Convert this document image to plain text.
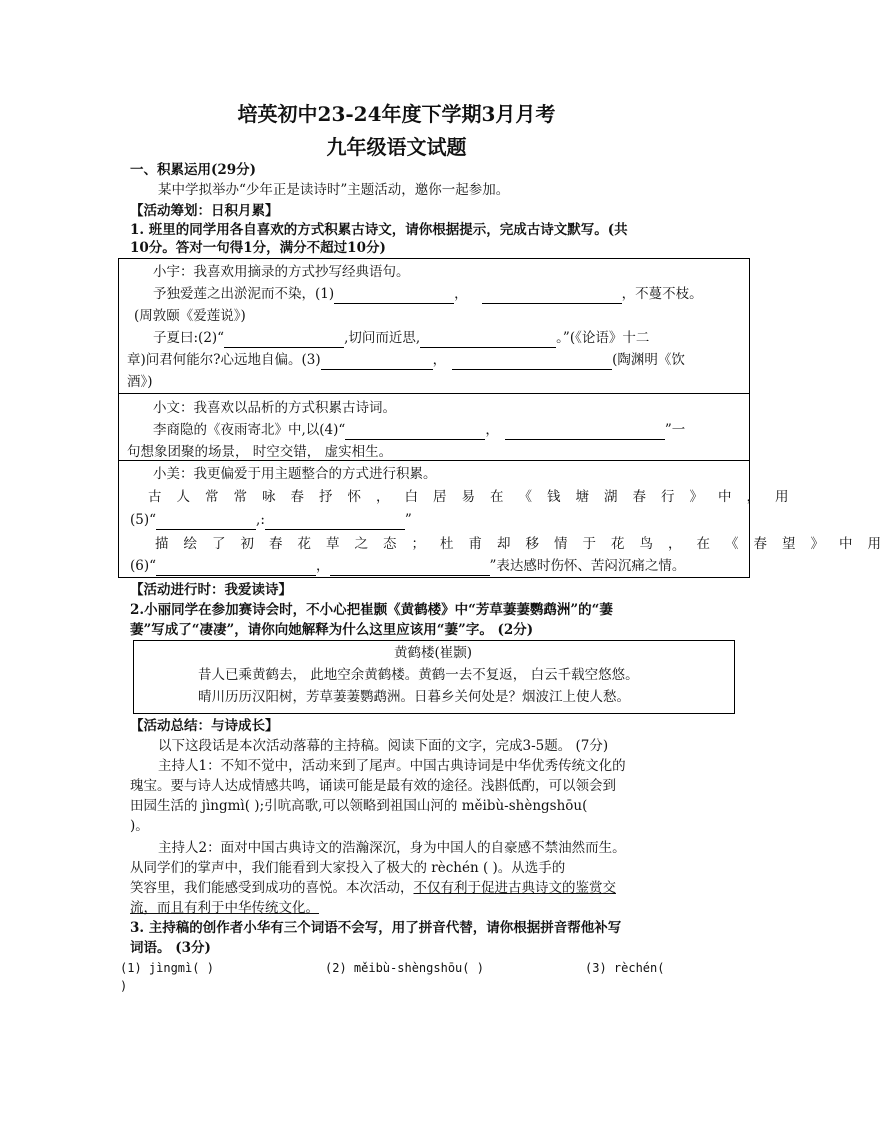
培英初中23-24年度下学期3月月考
九年级语文试题
一、积累运用(29分)
某中学拟举办“少年正是读诗时”主题活动，邀你一起参加。
【活动筹划：日积月累】
1. 班里的同学用各自喜欢的方式积累古诗文，请你根据提示，完成古诗文默写。(共
10分。答对一句得1分，满分不超过10分)
小宇：我喜欢用摘录的方式抄写经典语句。
予独爱莲之出淤泥而不染，(1)	，	，不蔓不枝。
(周敦颐《爱莲说》)
子夏曰:(2)“	,切问而近思,	。”(《论语》十二
章)问君何能尔?心远地自偏。(3)	，	(陶渊明《饮
酒》)
小文：我喜欢以品析的方式积累古诗词。
李商隐的《夜雨寄北》中,以(4)“	，	”一
句想象团聚的场景， 时空交错， 虚实相生。
小美：我更偏爱于用主题整合的方式进行积累。
古人常常咏春抒怀，白居易在《钱塘湖春行》中，用
(5)“	,:	”
描绘了初春花草之态；杜甫却移情于花鸟，在《春望》中用
(6)“	，	”表达感时伤怀、苦闷沉痛之情。
【活动进行时：我爱读诗】
2.小丽同学在参加赛诗会时，不小心把崔颢《黄鹤楼》中“芳草萋萋鹦鹉洲”的“萋
萋”写成了“凄凄”，请你向她解释为什么这里应该用“萋”字。 (2分)
黄鹤楼(崔颢)
昔人已乘黄鹤去， 此地空余黄鹤楼。黄鹤一去不复返， 白云千载空悠悠。
晴川历历汉阳树，芳草萋萋鹦鹉洲。日暮乡关何处是？烟波江上使人愁。
【活动总结：与诗成长】
以下这段话是本次活动落幕的主持稿。阅读下面的文字，完成3-5题。 (7分)
主持人1：不知不觉中，活动来到了尾声。中国古典诗词是中华优秀传统文化的
瑰宝。要与诗人达成情感共鸣，诵读可能是最有效的途径。浅斟低酌，可以领会到
田园生活的 jìngmì( );引吭高歌,可以领略到祖国山河的 měibù-shèngshōu(
)。
主持人2：面对中国古典诗文的浩瀚深沉，身为中国人的自豪感不禁油然而生。
从同学们的掌声中，我们能看到大家投入了极大的 rèchén ( )。从选手的
笑容里，我们能感受到成功的喜悦。本次活动，不仅有利于促进古典诗文的鉴赏交
流，而且有利于中华传统文化。
3. 主持稿的创作者小华有三个词语不会写，用了拼音代替，请你根据拼音帮他补写
词语。 (3分)
(1) jìngmì( )	(2) měibù-shèngshōu( )	(3) rèchén(
)
